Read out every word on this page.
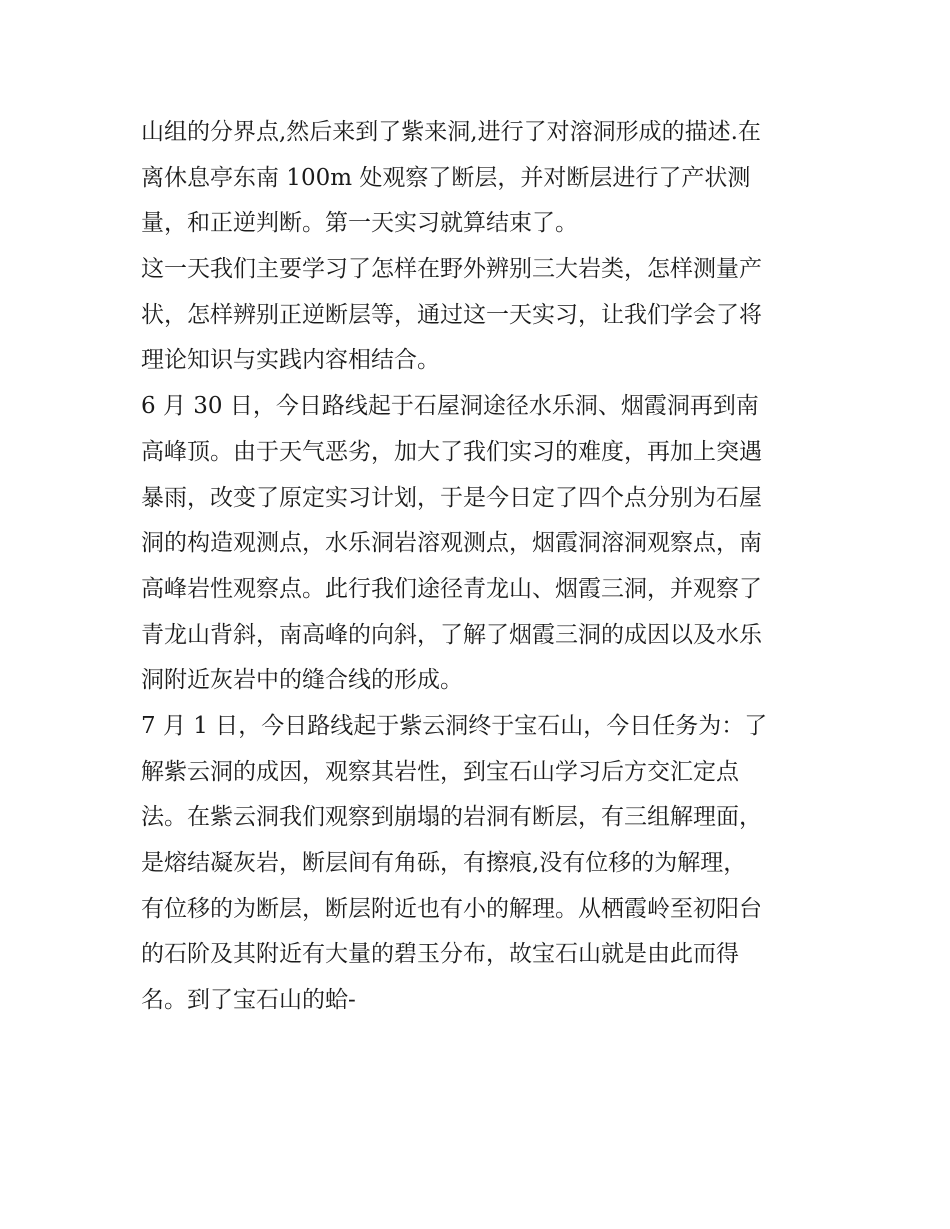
山组的分界点,然后来到了紫来洞,进行了对溶洞形成的描述.在
离休息亭东南 100m 处观察了断层，并对断层进行了产状测
量，和正逆判断。第一天实习就算结束了。
这一天我们主要学习了怎样在野外辨别三大岩类，怎样测量产
状，怎样辨别正逆断层等，通过这一天实习，让我们学会了将
理论知识与实践内容相结合。
6 月 30 日，今日路线起于石屋洞途径水乐洞、烟霞洞再到南
高峰顶。由于天气恶劣，加大了我们实习的难度，再加上突遇
暴雨，改变了原定实习计划，于是今日定了四个点分别为石屋
洞的构造观测点，水乐洞岩溶观测点，烟霞洞溶洞观察点，南
高峰岩性观察点。此行我们途径青龙山、烟霞三洞，并观察了
青龙山背斜，南高峰的向斜，了解了烟霞三洞的成因以及水乐
洞附近灰岩中的缝合线的形成。
7 月 1 日，今日路线起于紫云洞终于宝石山，今日任务为：了
解紫云洞的成因，观察其岩性，到宝石山学习后方交汇定点
法。在紫云洞我们观察到崩塌的岩洞有断层，有三组解理面，
是熔结凝灰岩，断层间有角砾，有擦痕,没有位移的为解理，
有位移的为断层，断层附近也有小的解理。从栖霞岭至初阳台
的石阶及其附近有大量的碧玉分布，故宝石山就是由此而得
名。到了宝石山的蛤-
